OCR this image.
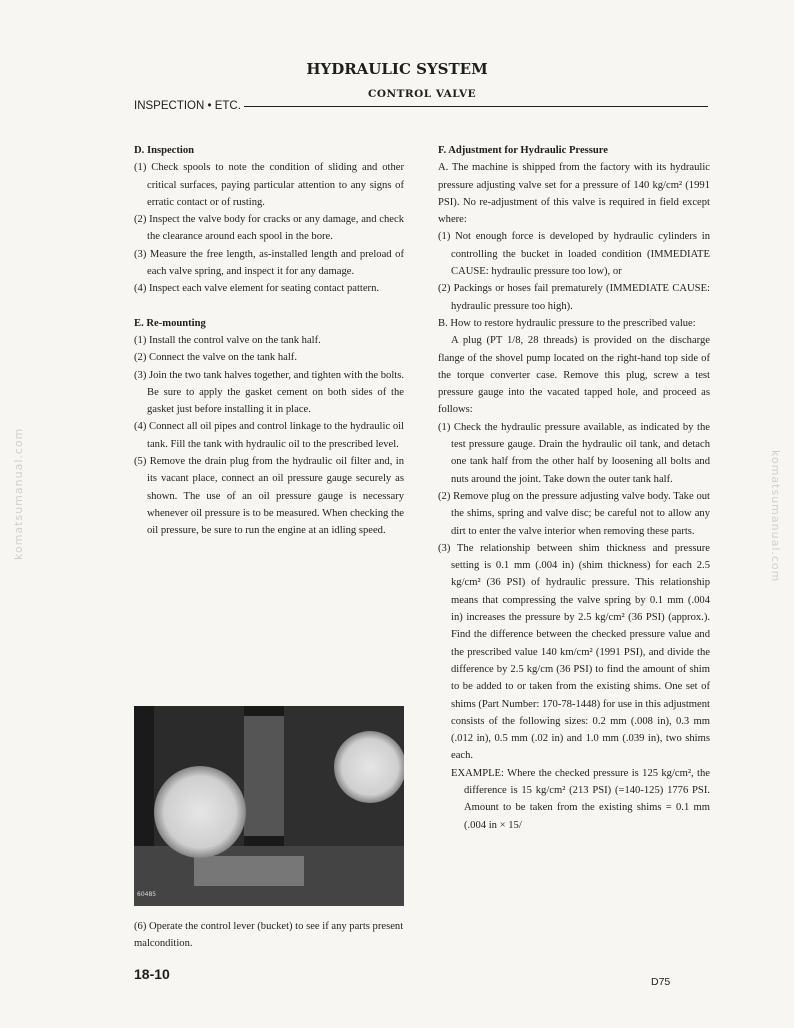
HYDRAULIC SYSTEM
CONTROL VALVE
INSPECTION • ETC.
komatsumanual.com	komatsumanual.com

D. Inspection

(1) Check spools to note the condition of sliding and other critical surfaces, paying particular attention to any signs of erratic contact or of rusting.

(2) Inspect the valve body for cracks or any damage, and check the clearance around each spool in the bore.

(3) Measure the free length, as-installed length and preload of each valve spring, and inspect it for any damage.

(4) Inspect each valve element for seating contact pattern.

E. Re-mounting

(1) Install the control valve on the tank half.

(2) Connect the valve on the tank half.

(3) Join the two tank halves together, and tighten with the bolts. Be sure to apply the gasket cement on both sides of the gasket just before installing it in place.

(4) Connect all oil pipes and control linkage to the hydraulic oil tank. Fill the tank with hydraulic oil to the prescribed level.

(5) Remove the drain plug from the hydraulic oil filter and, in its vacant place, connect an oil pressure gauge securely as shown. The use of an oil pressure gauge is necessary whenever oil pressure is to be measured. When checking the oil pressure, be sure to run the engine at an idling speed.

60485
(6) Operate the control lever (bucket) to see if any parts present malcondition.

F. Adjustment for Hydraulic Pressure

A. The machine is shipped from the factory with its hydraulic pressure adjusting valve set for a pressure of 140 kg/cm² (1991 PSI). No re-adjustment of this valve is required in field except where:

(1) Not enough force is developed by hydraulic cylinders in controlling the bucket in loaded condition (IMMEDIATE CAUSE: hydraulic pressure too low), or

(2) Packings or hoses fail prematurely (IMMEDIATE CAUSE: hydraulic pressure too high).

B. How to restore hydraulic pressure to the prescribed value:

A plug (PT 1/8, 28 threads) is provided on the discharge flange of the shovel pump located on the right-hand top side of the torque converter case. Remove this plug, screw a test pressure gauge into the vacated tapped hole, and proceed as follows:

(1) Check the hydraulic pressure available, as indicated by the test pressure gauge. Drain the hydraulic oil tank, and detach one tank half from the other half by loosening all bolts and nuts around the joint. Take down the outer tank half.

(2) Remove plug on the pressure adjusting valve body. Take out the shims, spring and valve disc; be careful not to allow any dirt to enter the valve interior when removing these parts.

(3) The relationship between shim thickness and pressure setting is 0.1 mm (.004 in) (shim thickness) for each 2.5 kg/cm² (36 PSI) of hydraulic pressure. This relationship means that compressing the valve spring by 0.1 mm (.004 in) increases the pressure by 2.5 kg/cm² (36 PSI) (approx.). Find the difference between the checked pressure value and the prescribed value 140 km/cm² (1991 PSI), and divide the difference by 2.5 kg/cm (36 PSI) to find the amount of shim to be added to or taken from the existing shims. One set of shims (Part Number: 170-78-1448) for use in this adjustment consists of the following sizes: 0.2 mm (.008 in), 0.3 mm (.012 in), 0.5 mm (.02 in) and 1.0 mm (.039 in), two shims each.

EXAMPLE: Where the checked pressure is 125 kg/cm², the difference is 15 kg/cm² (213 PSI) (=140-125) 1776 PSI. Amount to be taken from the existing shims = 0.1 mm (.004 in × 15/

18-10	D75
